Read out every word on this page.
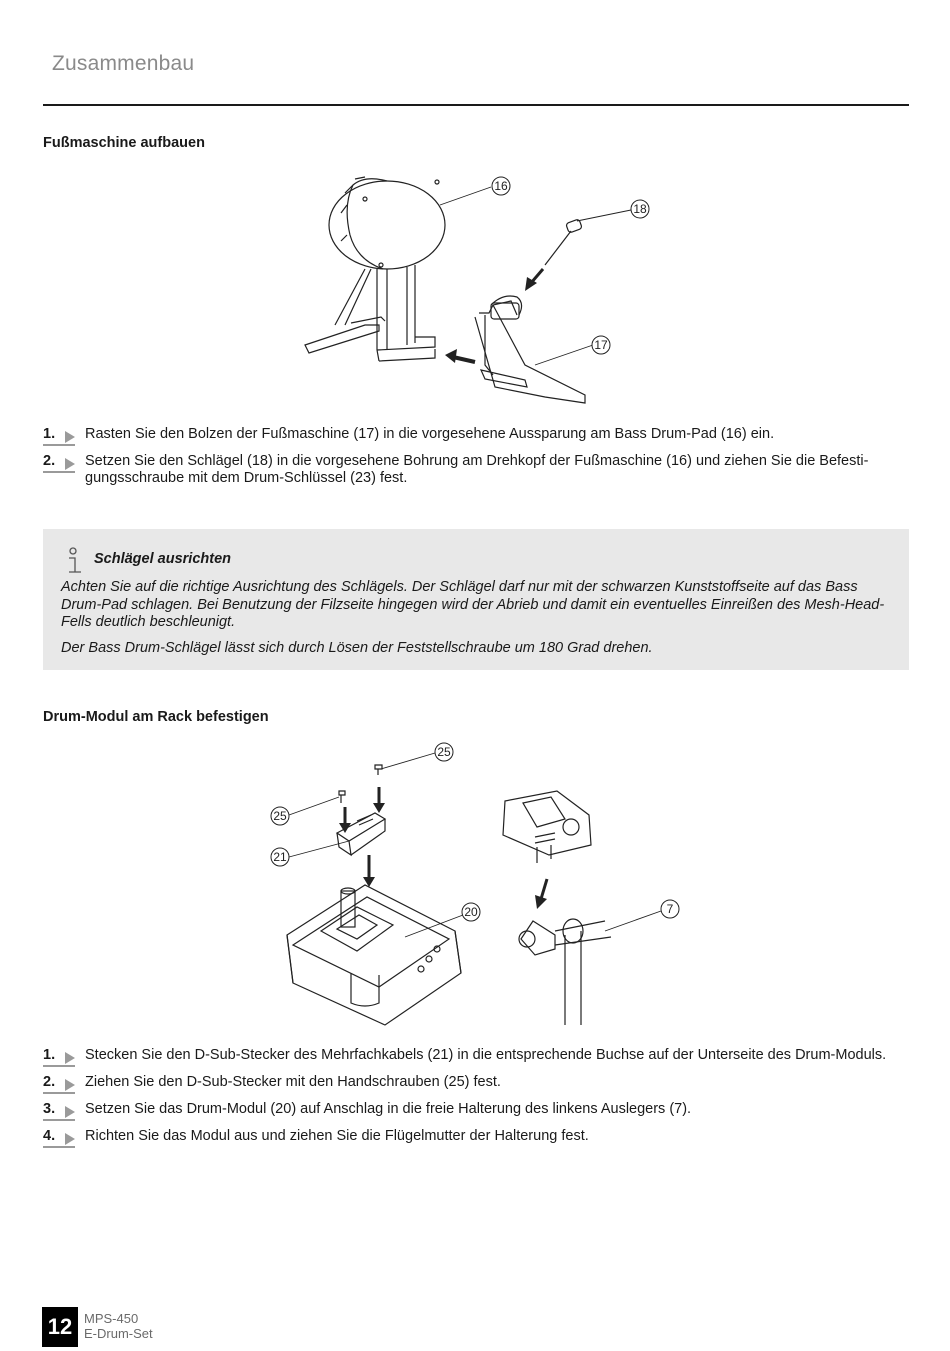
Zusammenbau
Fußmaschine aufbauen
16
18
17
1.	Rasten Sie den Bolzen der Fußmaschine (17) in die vorgesehene Aussparung am Bass Drum-Pad (16) ein.
2.	Setzen Sie den Schlägel (18) in die vorgesehene Bohrung am Drehkopf der Fußmaschine (16) und ziehen Sie die Befestigungsschraube mit dem Drum-Schlüssel (23) fest.
Schlägel ausrichten
Achten Sie auf die richtige Ausrichtung des Schlägels. Der Schlägel darf nur mit der schwarzen Kunststoffseite auf das Bass Drum-Pad schlagen. Bei Benutzung der Filzseite hingegen wird der Abrieb und damit ein eventuelles Einreißen des Mesh-Head-Fells deutlich beschleunigt.
Der Bass Drum-Schlägel lässt sich durch Lösen der Feststellschraube um 180 Grad drehen.
Drum-Modul am Rack befestigen
25
25
21
20	7
1.	Stecken Sie den D-Sub-Stecker des Mehrfachkabels (21) in die entsprechende Buchse auf der Unterseite des Drum-Moduls.
2.	Ziehen Sie den D-Sub-Stecker mit den Handschrauben (25) fest.
3.	Setzen Sie das Drum-Modul (20) auf Anschlag in die freie Halterung des linkens Auslegers (7).
4.	Richten Sie das Modul aus und ziehen Sie die Flügelmutter der Halterung fest.
12 MPS-450
E-Drum-Set
